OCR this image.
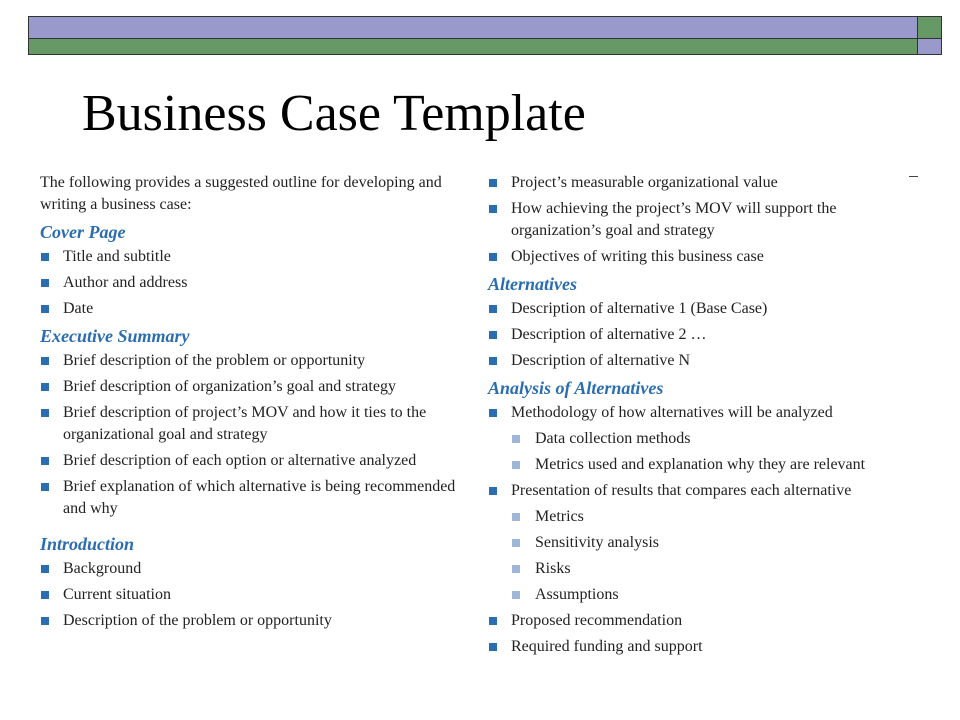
Business Case Template

The following provides a suggested outline for developing and writing a business case:

Cover Page
Title and subtitle
Author and address
Date
Executive Summary
Brief description of the problem or opportunity
Brief description of organization’s goal and strategy
Brief description of project’s MOV and how it ties to the organizational goal and strategy
Brief description of each option or alternative analyzed
Brief explanation of which alternative is being recommended and why
Introduction
Background
Current situation
Description of the problem or opportunity
Project’s measurable organizational value
How achieving the project’s MOV will support the organization’s goal and strategy
Objectives of writing this business case
Alternatives
Description of alternative 1 (Base Case)
Description of alternative 2 …
Description of alternative N
Analysis of Alternatives
Methodology of how alternatives will be analyzed
Data collection methods
Metrics used and explanation why they are relevant
Presentation of results that compares each alternative
Metrics
Sensitivity analysis
Risks
Assumptions
Proposed recommendation
Required funding and support
